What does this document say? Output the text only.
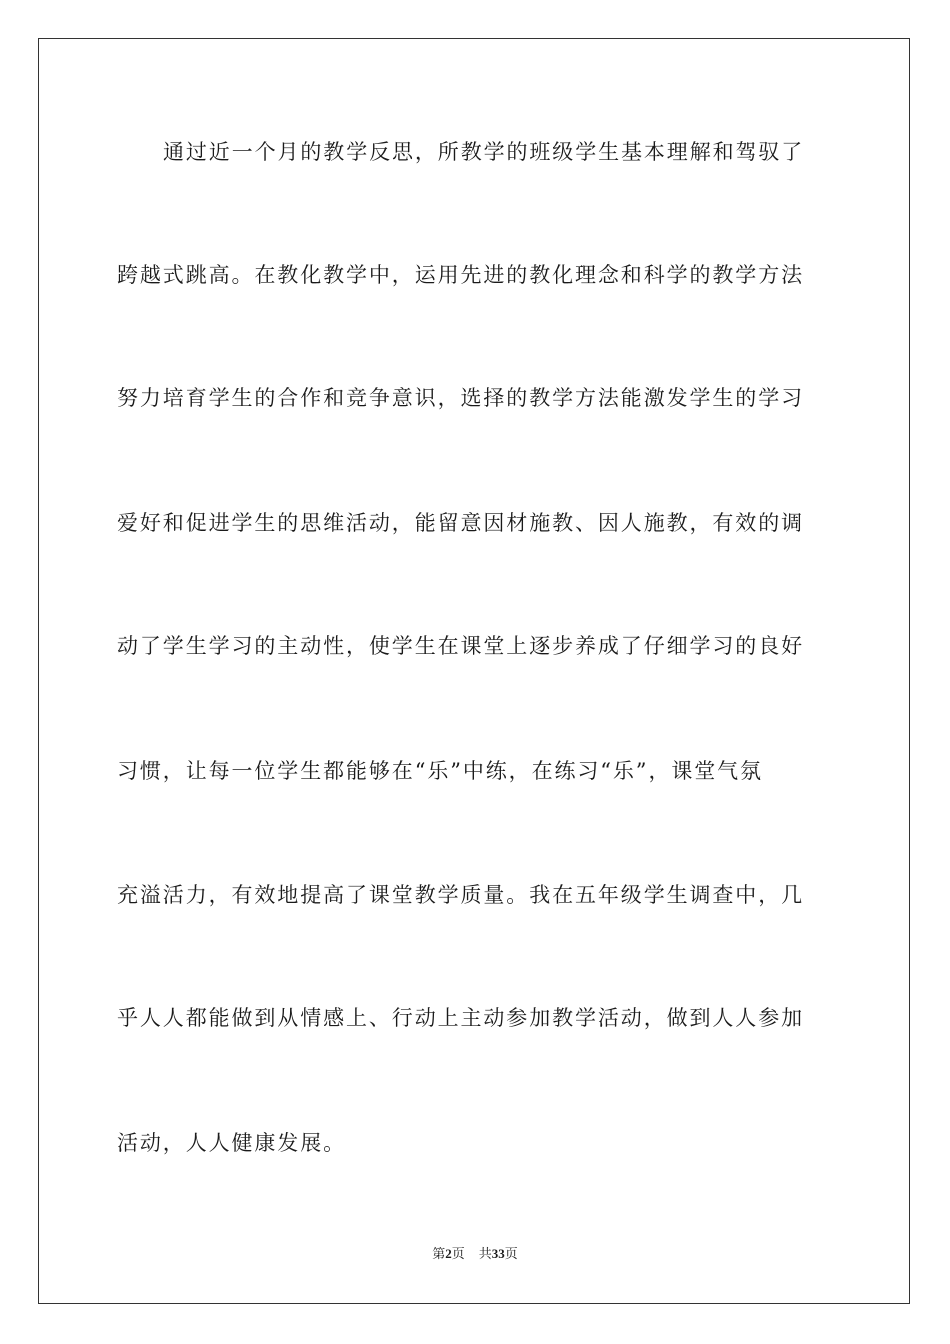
通过近一个月的教学反思，所教学的班级学生基本理解和驾驭了
跨越式跳高。在教化教学中，运用先进的教化理念和科学的教学方法
努力培育学生的合作和竞争意识，选择的教学方法能激发学生的学习
爱好和促进学生的思维活动，能留意因材施教、因人施教，有效的调
动了学生学习的主动性，使学生在课堂上逐步养成了仔细学习的良好
习惯，让每一位学生都能够在“乐”中练，在练习“乐”，课堂气氛
充溢活力，有效地提高了课堂教学质量。我在五年级学生调查中，几
乎人人都能做到从情感上、行动上主动参加教学活动，做到人人参加
活动，人人健康发展。
第2页 共33页
